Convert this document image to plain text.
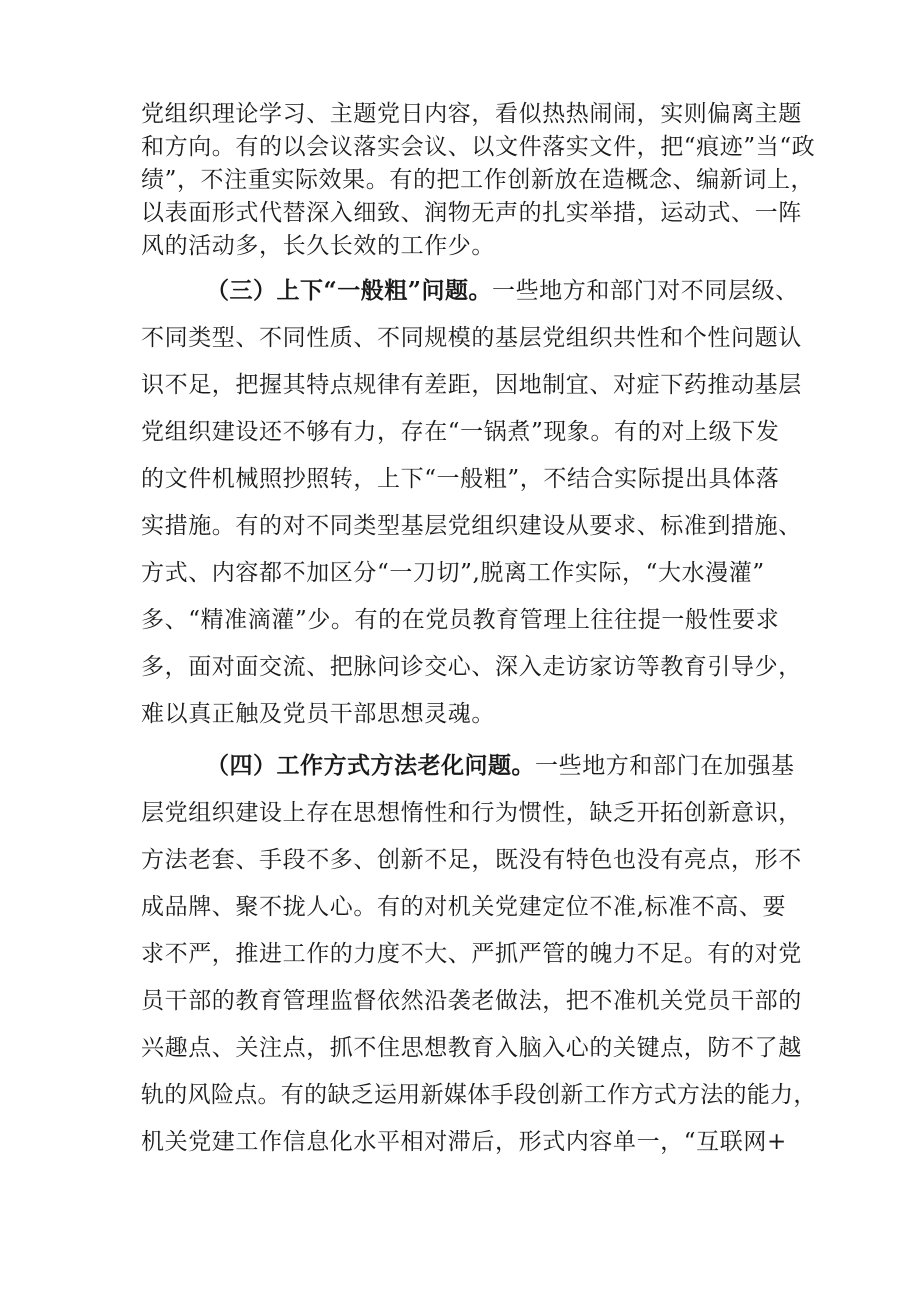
党组织理论学习、主题党日内容，看似热热闹闹，实则偏离主题
和方向。有的以会议落实会议、以文件落实文件，把“痕迹”当“政
绩”，不注重实际效果。有的把工作创新放在造概念、编新词上，
以表面形式代替深入细致、润物无声的扎实举措，运动式、一阵
风的活动多，长久长效的工作少。
（三）上下“一般粗”问题。一些地方和部门对不同层级、
不同类型、不同性质、不同规模的基层党组织共性和个性问题认
识不足，把握其特点规律有差距，因地制宜、对症下药推动基层
党组织建设还不够有力，存在“一锅煮”现象。有的对上级下发
的文件机械照抄照转，上下“一般粗”，不结合实际提出具体落
实措施。有的对不同类型基层党组织建设从要求、标准到措施、
方式、内容都不加区分“一刀切”,脱离工作实际，“大水漫灌”
多、“精准滴灌”少。有的在党员教育管理上往往提一般性要求
多，面对面交流、把脉问诊交心、深入走访家访等教育引导少，
难以真正触及党员干部思想灵魂。
（四）工作方式方法老化问题。一些地方和部门在加强基
层党组织建设上存在思想惰性和行为惯性，缺乏开拓创新意识，
方法老套、手段不多、创新不足，既没有特色也没有亮点，形不
成品牌、聚不拢人心。有的对机关党建定位不准,标准不高、要
求不严，推进工作的力度不大、严抓严管的魄力不足。有的对党
员干部的教育管理监督依然沿袭老做法，把不准机关党员干部的
兴趣点、关注点，抓不住思想教育入脑入心的关键点，防不了越
轨的风险点。有的缺乏运用新媒体手段创新工作方式方法的能力，
机关党建工作信息化水平相对滞后，形式内容单一，“互联网+
